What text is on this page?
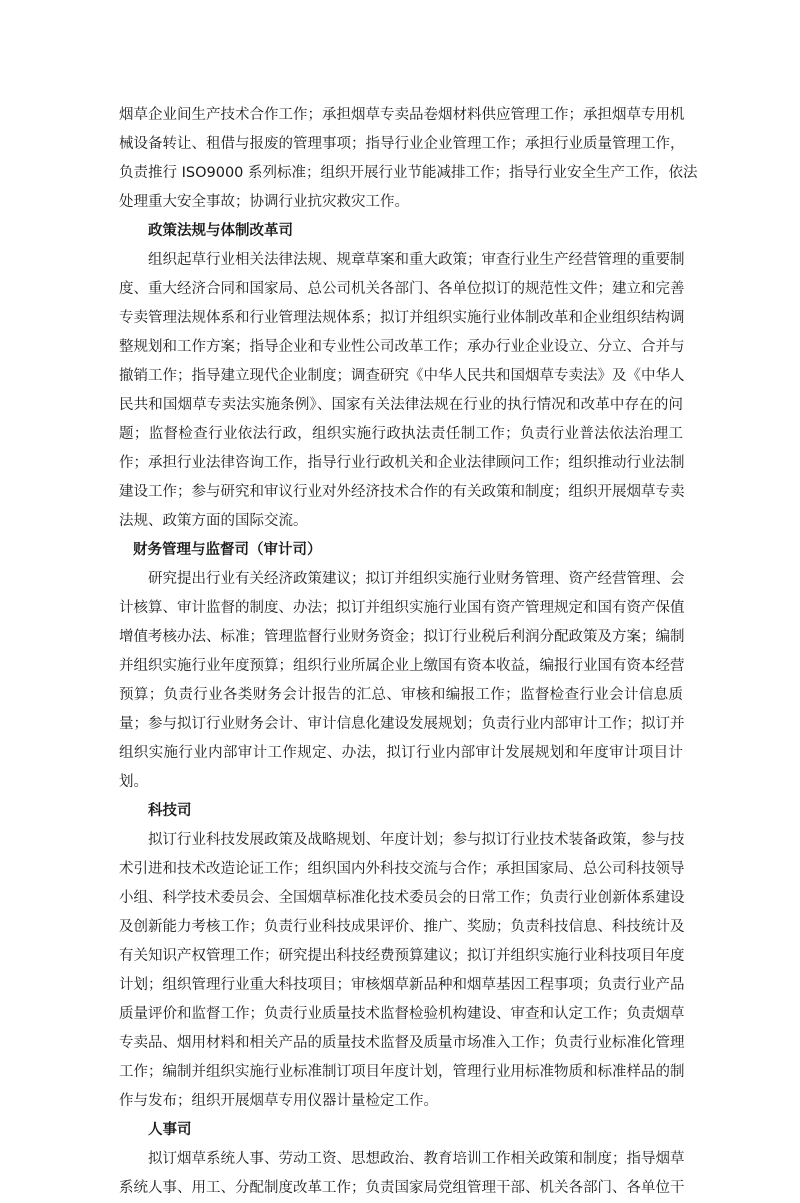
烟草企业间生产技术合作工作；承担烟草专卖品卷烟材料供应管理工作；承担烟草专用机
械设备转让、租借与报废的管理事项；指导行业企业管理工作；承担行业质量管理工作，
负责推行 ISO9000 系列标准；组织开展行业节能减排工作；指导行业安全生产工作，依法
处理重大安全事故；协调行业抗灾救灾工作。
政策法规与体制改革司
组织起草行业相关法律法规、规章草案和重大政策；审查行业生产经营管理的重要制
度、重大经济合同和国家局、总公司机关各部门、各单位拟订的规范性文件；建立和完善
专卖管理法规体系和行业管理法规体系；拟订并组织实施行业体制改革和企业组织结构调
整规划和工作方案；指导企业和专业性公司改革工作；承办行业企业设立、分立、合并与
撤销工作；指导建立现代企业制度；调查研究《中华人民共和国烟草专卖法》及《中华人
民共和国烟草专卖法实施条例》、国家有关法律法规在行业的执行情况和改革中存在的问
题；监督检查行业依法行政，组织实施行政执法责任制工作；负责行业普法依法治理工
作；承担行业法律咨询工作，指导行业行政机关和企业法律顾问工作；组织推动行业法制
建设工作；参与研究和审议行业对外经济技术合作的有关政策和制度；组织开展烟草专卖
法规、政策方面的国际交流。
财务管理与监督司（审计司）
研究提出行业有关经济政策建议；拟订并组织实施行业财务管理、资产经营管理、会
计核算、审计监督的制度、办法；拟订并组织实施行业国有资产管理规定和国有资产保值
增值考核办法、标准；管理监督行业财务资金；拟订行业税后利润分配政策及方案；编制
并组织实施行业年度预算；组织行业所属企业上缴国有资本收益，编报行业国有资本经营
预算；负责行业各类财务会计报告的汇总、审核和编报工作；监督检查行业会计信息质
量；参与拟订行业财务会计、审计信息化建设发展规划；负责行业内部审计工作；拟订并
组织实施行业内部审计工作规定、办法，拟订行业内部审计发展规划和年度审计项目计
划。
科技司
拟订行业科技发展政策及战略规划、年度计划；参与拟订行业技术装备政策，参与技
术引进和技术改造论证工作；组织国内外科技交流与合作；承担国家局、总公司科技领导
小组、科学技术委员会、全国烟草标准化技术委员会的日常工作；负责行业创新体系建设
及创新能力考核工作；负责行业科技成果评价、推广、奖励；负责科技信息、科技统计及
有关知识产权管理工作；研究提出科技经费预算建议；拟订并组织实施行业科技项目年度
计划；组织管理行业重大科技项目；审核烟草新品种和烟草基因工程事项；负责行业产品
质量评价和监督工作；负责行业质量技术监督检验机构建设、审查和认定工作；负责烟草
专卖品、烟用材料和相关产品的质量技术监督及质量市场准入工作；负责行业标准化管理
工作；编制并组织实施行业标准制订项目年度计划，管理行业用标准物质和标准样品的制
作与发布；组织开展烟草专用仪器计量检定工作。
人事司
拟订烟草系统人事、劳动工资、思想政治、教育培训工作相关政策和制度；指导烟草
系统人事、用工、分配制度改革工作；负责国家局党组管理干部、机关各部门、各单位干
